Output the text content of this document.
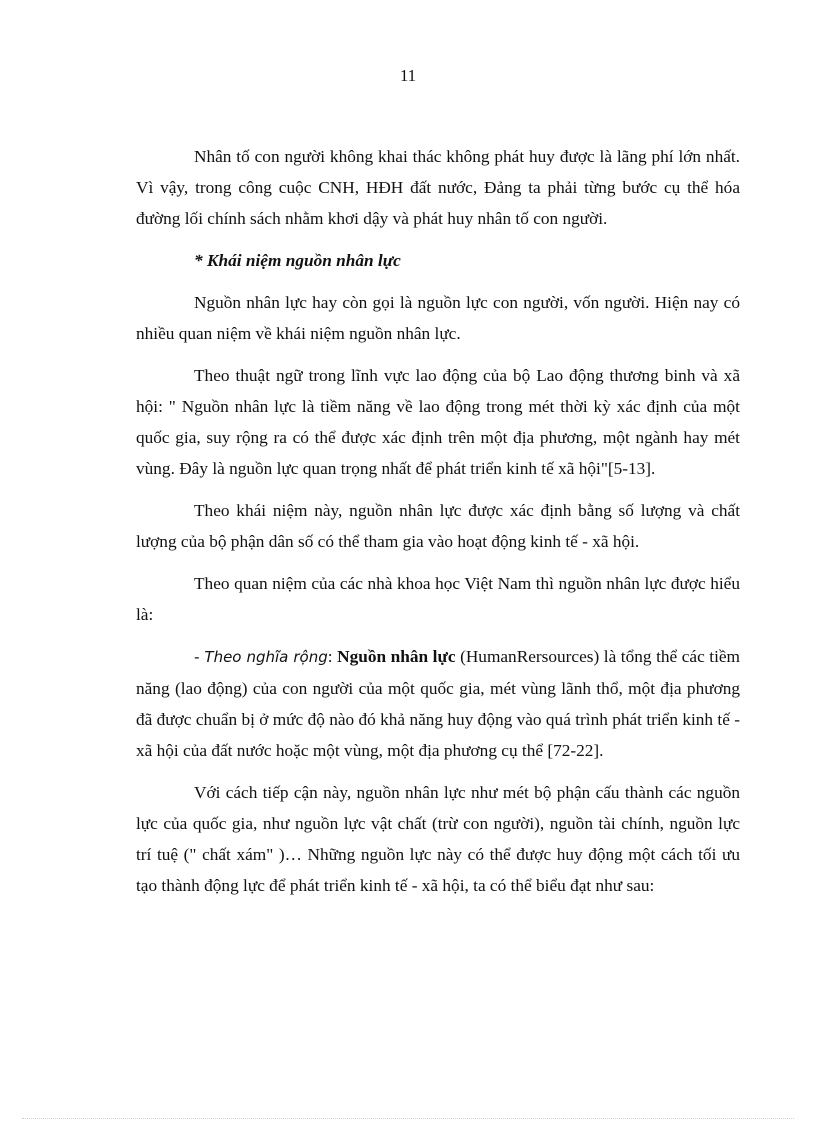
11

Nhân tố con người không khai thác không phát huy được là lãng phí lớn nhất. Vì vậy, trong công cuộc CNH, HĐH đất nước, Đảng ta phải từng bước cụ thể hóa đường lối chính sách nhằm khơi dậy và phát huy nhân tố con người.

* Khái niệm nguồn nhân lực

Nguồn nhân lực hay còn gọi là nguồn lực con người, vốn người. Hiện nay có nhiều quan niệm về khái niệm nguồn nhân lực.

Theo thuật ngữ trong lĩnh vực lao động của bộ Lao động thương binh và xã hội: " Nguồn nhân lực là tiềm năng về lao động trong mét thời kỳ xác định của một quốc gia, suy rộng ra có thể được xác định trên một địa phương, một ngành hay mét vùng. Đây là nguồn lực quan trọng nhất để phát triển kinh tế xã hội"[5-13].

Theo khái niệm này, nguồn nhân lực được xác định bằng số lượng và chất lượng của bộ phận dân số có thể tham gia vào hoạt động kinh tế - xã hội.

Theo quan niệm của các nhà khoa học Việt Nam thì nguồn nhân lực được hiểu là:

- Theo nghĩa rộng: Nguồn nhân lực (HumanRersources) là tổng thể các tiềm năng (lao động) của con người của một quốc gia, mét vùng lãnh thổ, một địa phương đã được chuẩn bị ở mức độ nào đó khả năng huy động vào quá trình phát triển kinh tế - xã hội của đất nước hoặc một vùng, một địa phương cụ thể [72-22].

Với cách tiếp cận này, nguồn nhân lực như mét bộ phận cấu thành các nguồn lực của quốc gia, như nguồn lực vật chất (trừ con người), nguồn tài chính, nguồn lực trí tuệ (" chất xám" )… Những nguồn lực này có thể được huy động một cách tối ưu tạo thành động lực để phát triển kinh tế - xã hội, ta có thể biểu đạt như sau:
